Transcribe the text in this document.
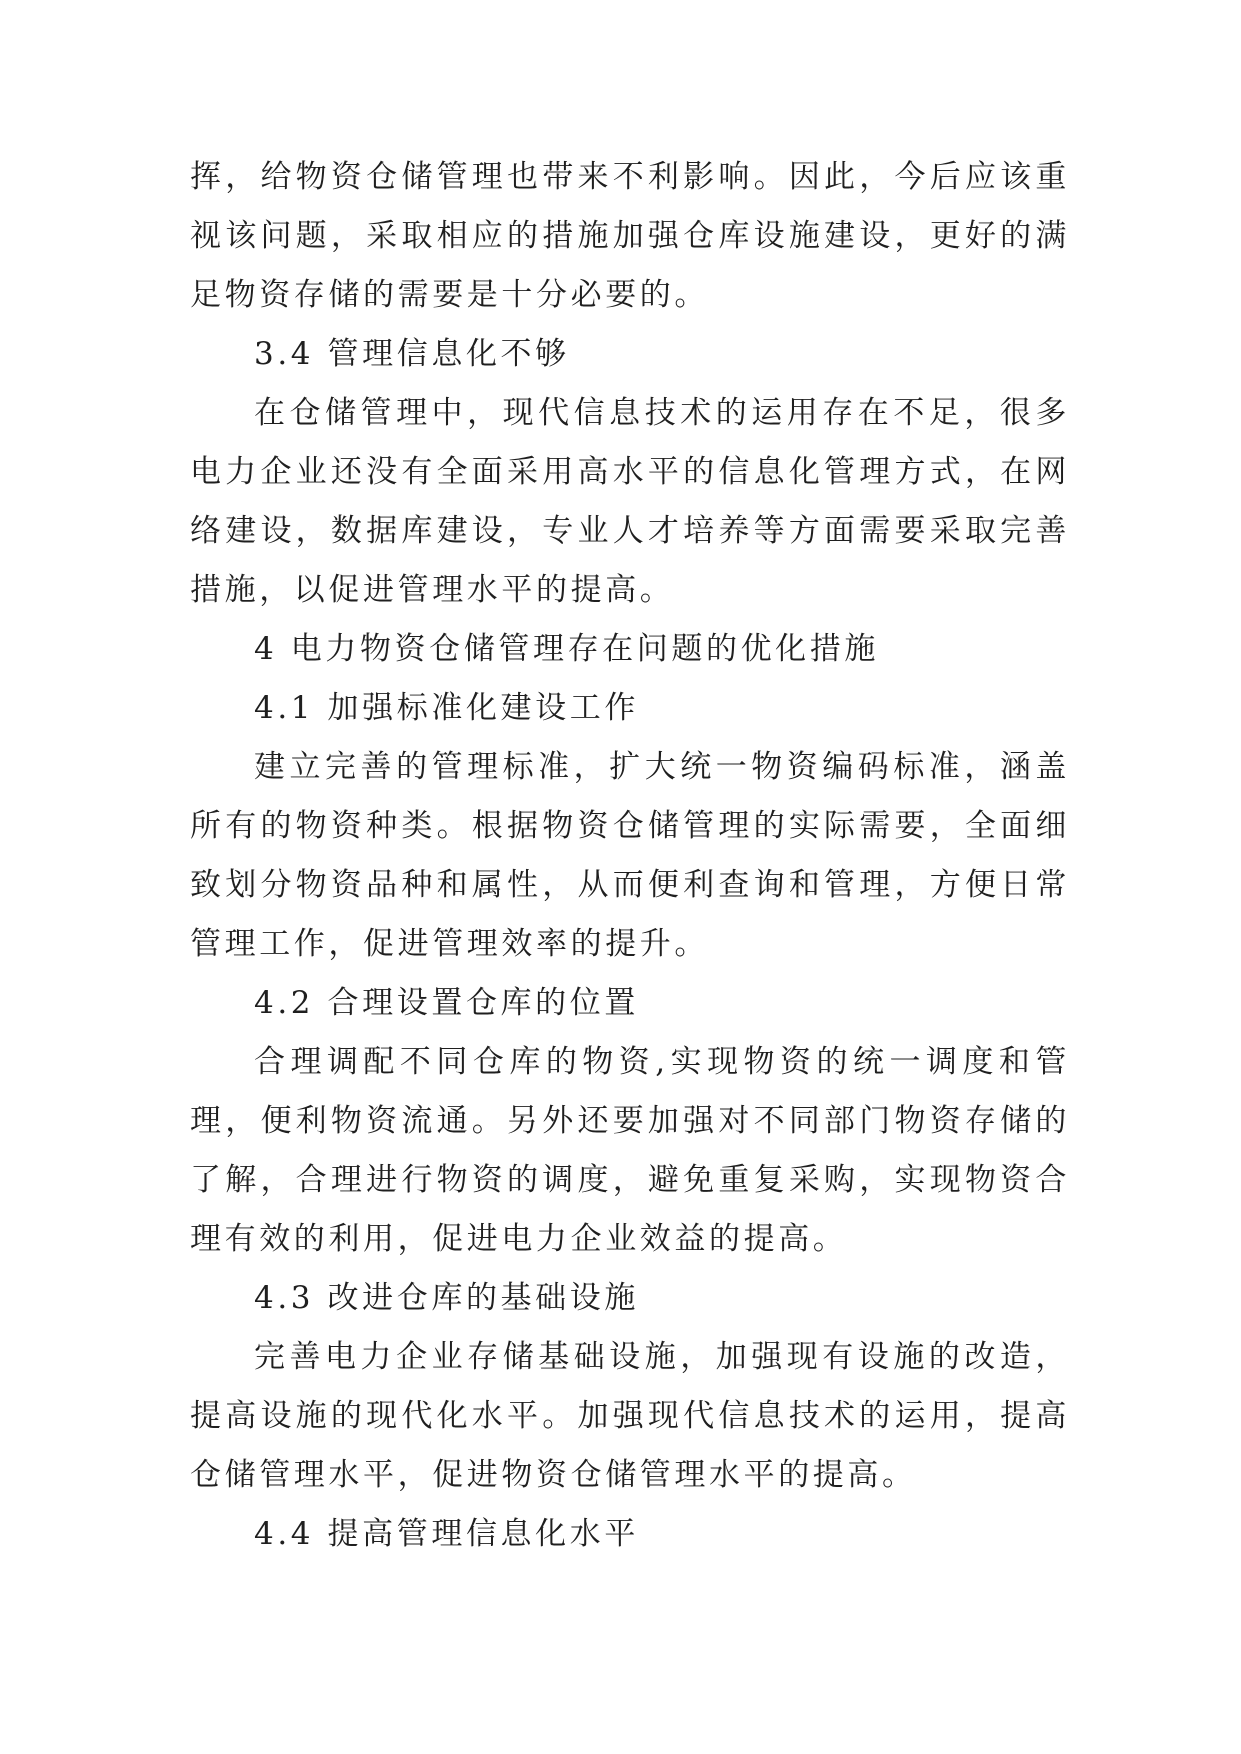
挥，给物资仓储管理也带来不利影响。因此，今后应该重视该问题，采取相应的措施加强仓库设施建设，更好的满足物资存储的需要是十分必要的。

3.4 管理信息化不够

在仓储管理中，现代信息技术的运用存在不足，很多电力企业还没有全面采用高水平的信息化管理方式，在网络建设，数据库建设，专业人才培养等方面需要采取完善措施，以促进管理水平的提高。

4 电力物资仓储管理存在问题的优化措施

4.1 加强标准化建设工作

建立完善的管理标准，扩大统一物资编码标准，涵盖所有的物资种类。根据物资仓储管理的实际需要，全面细致划分物资品种和属性，从而便利查询和管理，方便日常管理工作，促进管理效率的提升。

4.2 合理设置仓库的位置

合理调配不同仓库的物资,实现物资的统一调度和管理，便利物资流通。另外还要加强对不同部门物资存储的了解，合理进行物资的调度，避免重复采购，实现物资合理有效的利用，促进电力企业效益的提高。

4.3 改进仓库的基础设施

完善电力企业存储基础设施，加强现有设施的改造，提高设施的现代化水平。加强现代信息技术的运用，提高仓储管理水平，促进物资仓储管理水平的提高。

4.4 提高管理信息化水平
